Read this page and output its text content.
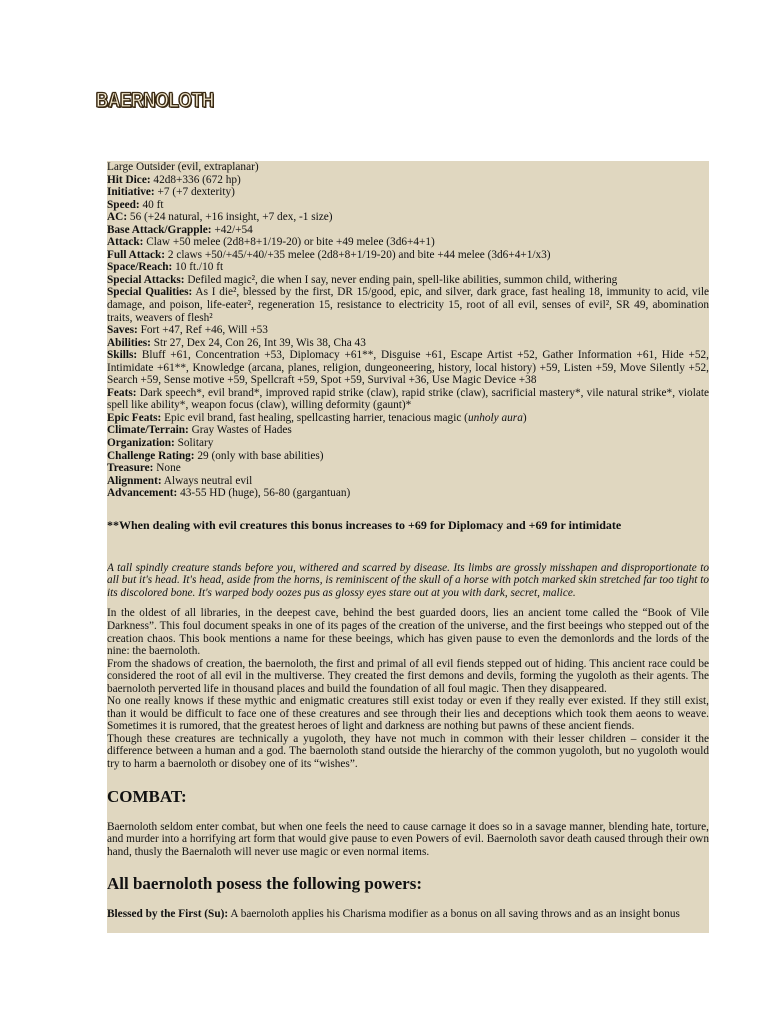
BAERNOLOTH
Large Outsider (evil, extraplanar)
Hit Dice: 42d8+336 (672 hp)
Initiative: +7 (+7 dexterity)
Speed: 40 ft
AC: 56 (+24 natural, +16 insight, +7 dex, -1 size)
Base Attack/Grapple: +42/+54
Attack: Claw +50 melee (2d8+8+1/19-20) or bite +49 melee (3d6+4+1)
Full Attack: 2 claws +50/+45/+40/+35 melee (2d8+8+1/19-20) and bite +44 melee (3d6+4+1/x3)
Space/Reach: 10 ft./10 ft
Special Attacks: Defiled magic², die when I say, never ending pain, spell-like abilities, summon child, withering
Special Qualities: As I die², blessed by the first, DR 15/good, epic, and silver, dark grace, fast healing 18, immunity to acid, vile damage, and poison, life-eater², regeneration 15, resistance to electricity 15, root of all evil, senses of evil², SR 49, abomination traits, weavers of flesh²
Saves: Fort +47, Ref +46, Will +53
Abilities: Str 27, Dex 24, Con 26, Int 39, Wis 38, Cha 43
Skills: Bluff +61, Concentration +53, Diplomacy +61**, Disguise +61, Escape Artist +52, Gather Information +61, Hide +52, Intimidate +61**, Knowledge (arcana, planes, religion, dungeoneering, history, local history) +59, Listen +59, Move Silently +52, Search +59, Sense motive +59, Spellcraft +59, Spot +59, Survival +36, Use Magic Device +38
Feats: Dark speech*, evil brand*, improved rapid strike (claw), rapid strike (claw), sacrificial mastery*, vile natural strike*, violate spell like ability*, weapon focus (claw), willing deformity (gaunt)*
Epic Feats: Epic evil brand, fast healing, spellcasting harrier, tenacious magic (unholy aura)
Climate/Terrain: Gray Wastes of Hades
Organization: Solitary
Challenge Rating: 29 (only with base abilities)
Treasure: None
Alignment: Always neutral evil
Advancement: 43-55 HD (huge), 56-80 (gargantuan)
**When dealing with evil creatures this bonus increases to +69 for Diplomacy and +69 for intimidate
A tall spindly creature stands before you, withered and scarred by disease. Its limbs are grossly misshapen and disproportionate to all but it's head. It's head, aside from the horns, is reminiscent of the skull of a horse with potch marked skin stretched far too tight to its discolored bone. It's warped body oozes pus as glossy eyes stare out at you with dark, secret, malice.

In the oldest of all libraries, in the deepest cave, behind the best guarded doors, lies an ancient tome called the “Book of Vile Darkness”. This foul document speaks in one of its pages of the creation of the universe, and the first beeings who stepped out of the creation chaos. This book mentions a name for these beeings, which has given pause to even the demonlords and the lords of the nine: the baernoloth.

From the shadows of creation, the baernoloth, the first and primal of all evil fiends stepped out of hiding. This ancient race could be considered the root of all evil in the multiverse. They created the first demons and devils, forming the yugoloth as their agents. The baernoloth perverted life in thousand places and build the foundation of all foul magic. Then they disappeared.

No one really knows if these mythic and enigmatic creatures still exist today or even if they really ever existed. If they still exist, than it would be difficult to face one of these creatures and see through their lies and deceptions which took them aeons to weave. Sometimes it is rumored, that the greatest heroes of light and darkness are nothing but pawns of these ancient fiends.

Though these creatures are technically a yugoloth, they have not much in common with their lesser children – consider it the difference between a human and a god. The baernoloth stand outside the hierarchy of the common yugoloth, but no yugoloth would try to harm a baernoloth or disobey one of its “wishes”.

COMBAT:
Baernoloth seldom enter combat, but when one feels the need to cause carnage it does so in a savage manner, blending hate, torture, and murder into a horrifying art form that would give pause to even Powers of evil. Baernoloth savor death caused through their own hand, thusly the Baernaloth will never use magic or even normal items.
All baernoloth posess the following powers:
Blessed by the First (Su): A baernoloth applies his Charisma modifier as a bonus on all saving throws and as an insight bonus
